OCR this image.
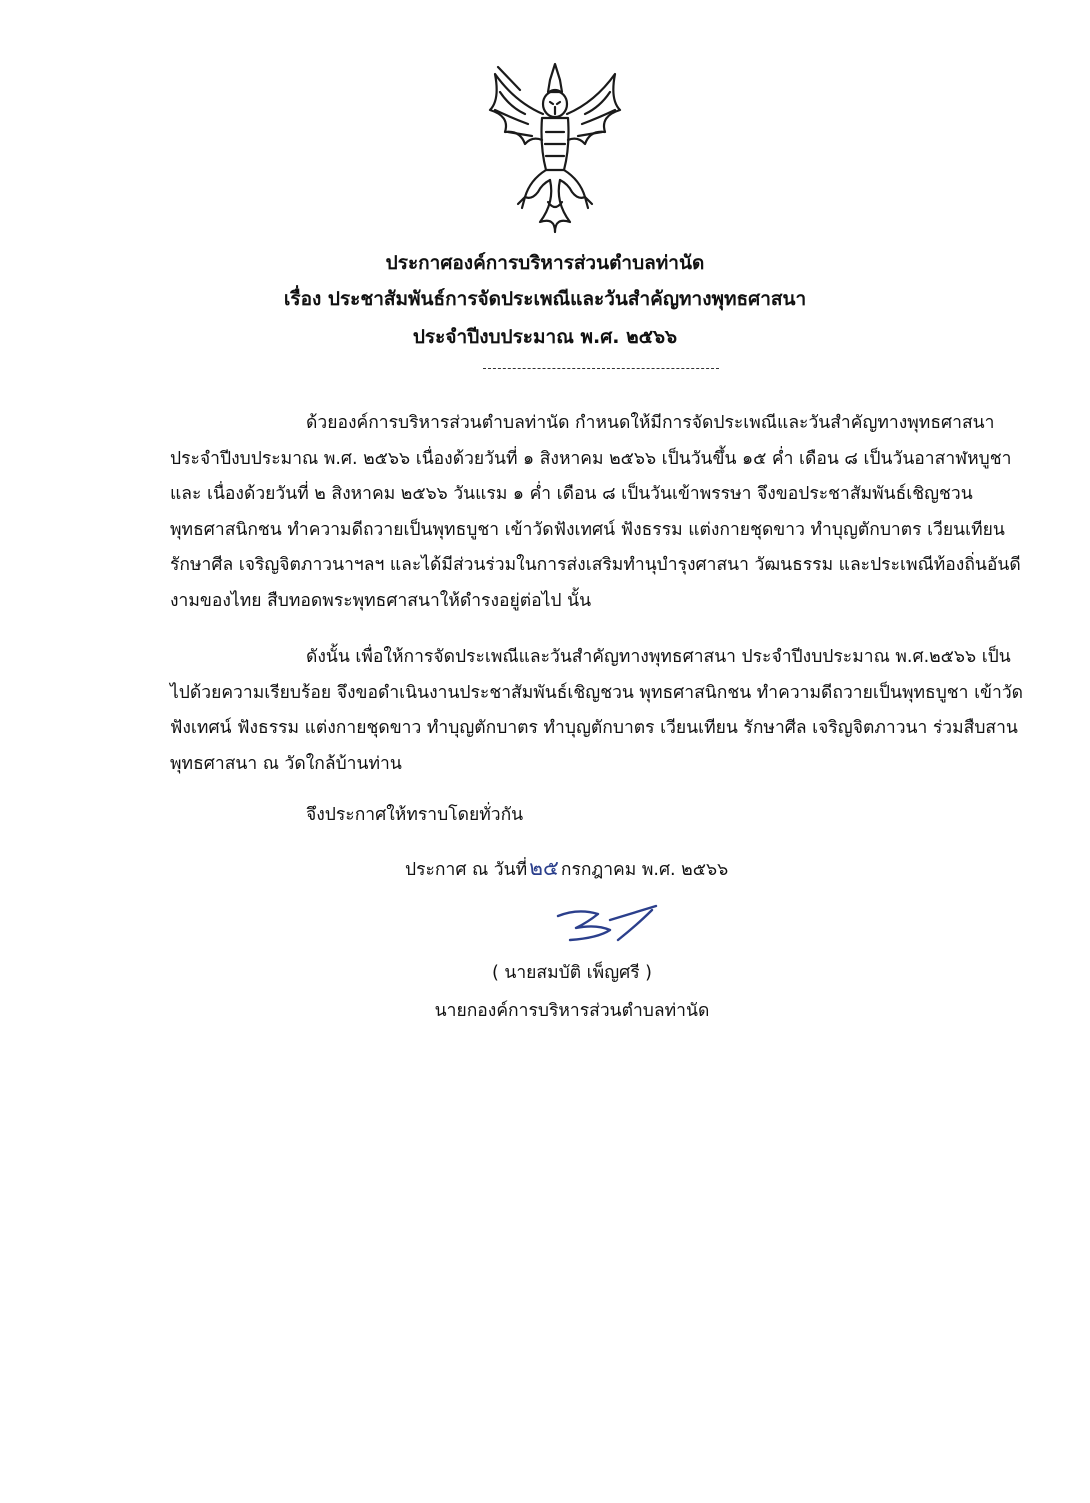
ประกาศองค์การบริหารส่วนตำบลท่านัด
เรื่อง ประชาสัมพันธ์การจัดประเพณีและวันสำคัญทางพุทธศาสนา
ประจำปีงบประมาณ พ.ศ. ๒๕๖๖
ด้วยองค์การบริหารส่วนตำบลท่านัด กำหนดให้มีการจัดประเพณีและวันสำคัญทางพุทธศาสนา ประจำปีงบประมาณ พ.ศ. ๒๕๖๖ เนื่องด้วยวันที่ ๑ สิงหาคม ๒๕๖๖ เป็นวันขึ้น ๑๕ ค่ำ เดือน ๘ เป็นวันอาสาฬหบูชา และ เนื่องด้วยวันที่ ๒ สิงหาคม ๒๕๖๖ วันแรม ๑ ค่ำ เดือน ๘ เป็นวันเข้าพรรษา จึงขอประชาสัมพันธ์เชิญชวน พุทธศาสนิกชน ทำความดีถวายเป็นพุทธบูชา เข้าวัดฟังเทศน์ ฟังธรรม แต่งกายชุดขาว ทำบุญตักบาตร เวียนเทียน รักษาศีล เจริญจิตภาวนาฯลฯ และได้มีส่วนร่วมในการส่งเสริมทำนุบำรุงศาสนา วัฒนธรรม และประเพณีท้องถิ่นอันดีงามของไทย สืบทอดพระพุทธศาสนาให้ดำรงอยู่ต่อไป นั้น
ดังนั้น เพื่อให้การจัดประเพณีและวันสำคัญทางพุทธศาสนา ประจำปีงบประมาณ พ.ศ.๒๕๖๖ เป็นไปด้วยความเรียบร้อย จึงขอดำเนินงานประชาสัมพันธ์เชิญชวน พุทธศาสนิกชน ทำความดีถวายเป็นพุทธบูชา เข้าวัดฟังเทศน์ ฟังธรรม แต่งกายชุดขาว ทำบุญตักบาตร ทำบุญตักบาตร เวียนเทียน รักษาศีล เจริญจิตภาวนา ร่วมสืบสานพุทธศาสนา ณ วัดใกล้บ้านท่าน
จึงประกาศให้ทราบโดยทั่วกัน
ประกาศ ณ วันที่๒๕ กรกฎาคม พ.ศ. ๒๕๖๖
( นายสมบัติ เพ็ญศรี )
นายกองค์การบริหารส่วนตำบลท่านัด
